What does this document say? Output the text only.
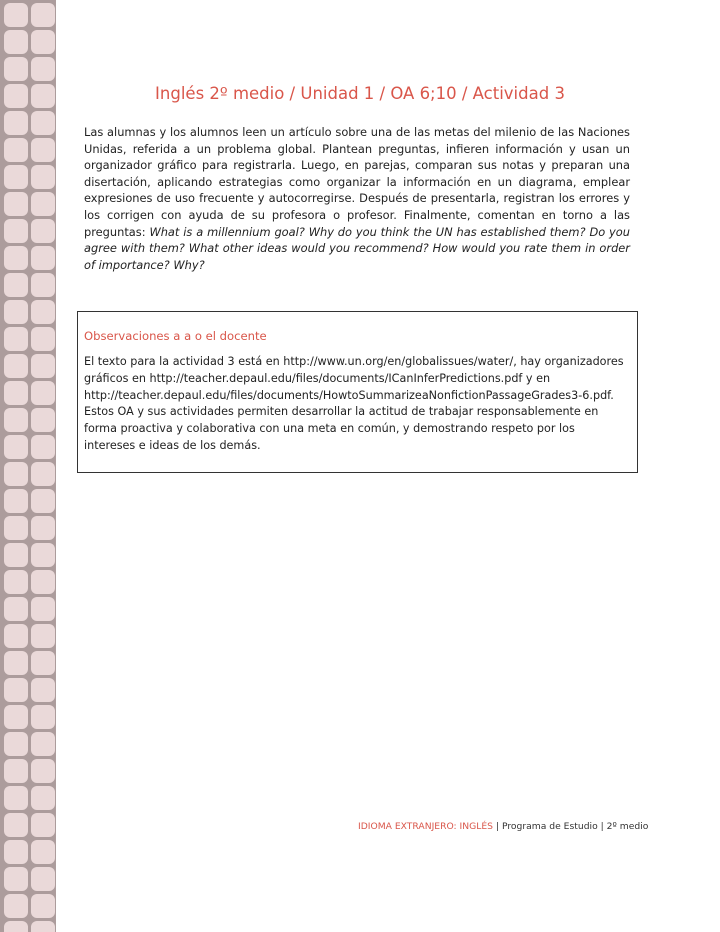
Inglés 2º medio / Unidad 1 / OA 6;10 / Actividad 3
Las alumnas y los alumnos leen un artículo sobre una de las metas del milenio de las Naciones Unidas, referida a un problema global. Plantean preguntas, infieren información y usan un organizador gráfico para registrarla. Luego, en parejas, comparan sus notas y preparan una disertación, aplicando estrategias como organizar la información en un diagrama, emplear expresiones de uso frecuente y autocorregirse. Después de presentarla, registran los errores y los corrigen con ayuda de su profesora o profesor. Finalmente, comentan en torno a las preguntas: What is a millennium goal? Why do you think the UN has established them? Do you agree with them? What other ideas would you recommend? How would you rate them in order of importance? Why?
Observaciones a a o el docente
El texto para la actividad 3 está en http://www.un.org/en/globalissues/water/, hay organizadores gráficos en http://teacher.depaul.edu/files/documents/ICanInferPredictions.pdf y en http://teacher.depaul.edu/files/documents/HowtoSummarizeaNonfictionPassageGrades3-6.pdf. Estos OA y sus actividades permiten desarrollar la actitud de trabajar responsablemente en forma proactiva y colaborativa con una meta en común, y demostrando respeto por los intereses e ideas de los demás.
IDIOMA EXTRANJERO: INGLÉS | Programa de Estudio | 2º medio
